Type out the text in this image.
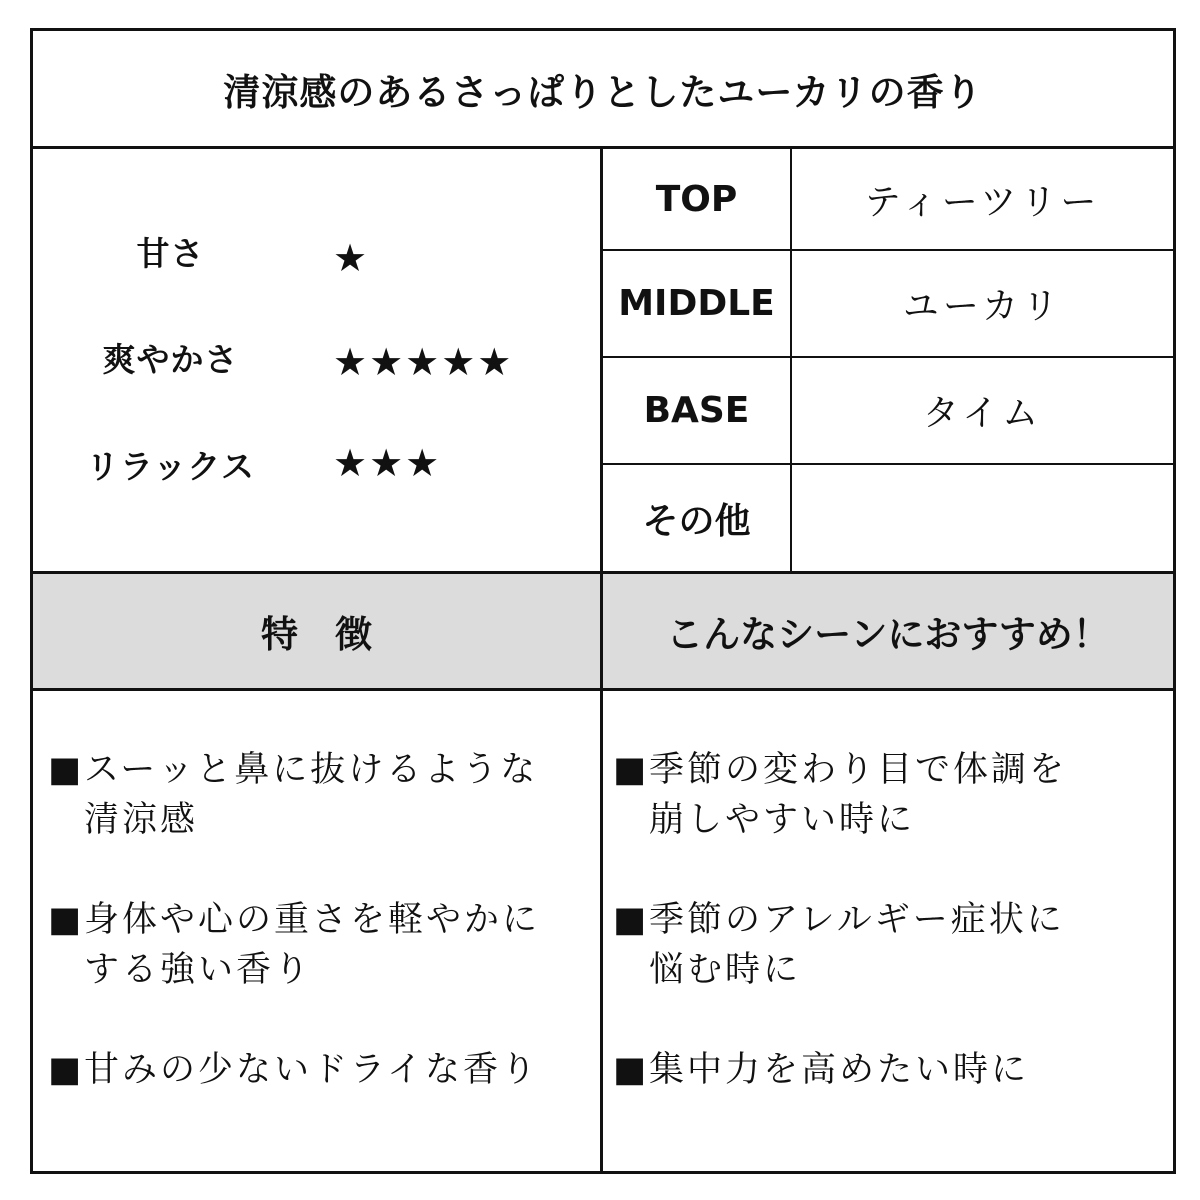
清涼感のあるさっぱりとしたユーカリの香り
甘さ	★
爽やかさ	★★★★★
リラックス	★★★
TOP	ティーツリー
MIDDLE	ユーカリ
BASE	タイム
その他
特　徴	こんなシーンにおすすめ！
■ スーッと鼻に抜けるような
清涼感
■ 身体や心の重さを軽やかに
する強い香り
■ 甘みの少ないドライな香り
■ 季節の変わり目で体調を
崩しやすい時に
■ 季節のアレルギー症状に
悩む時に
■ 集中力を高めたい時に
